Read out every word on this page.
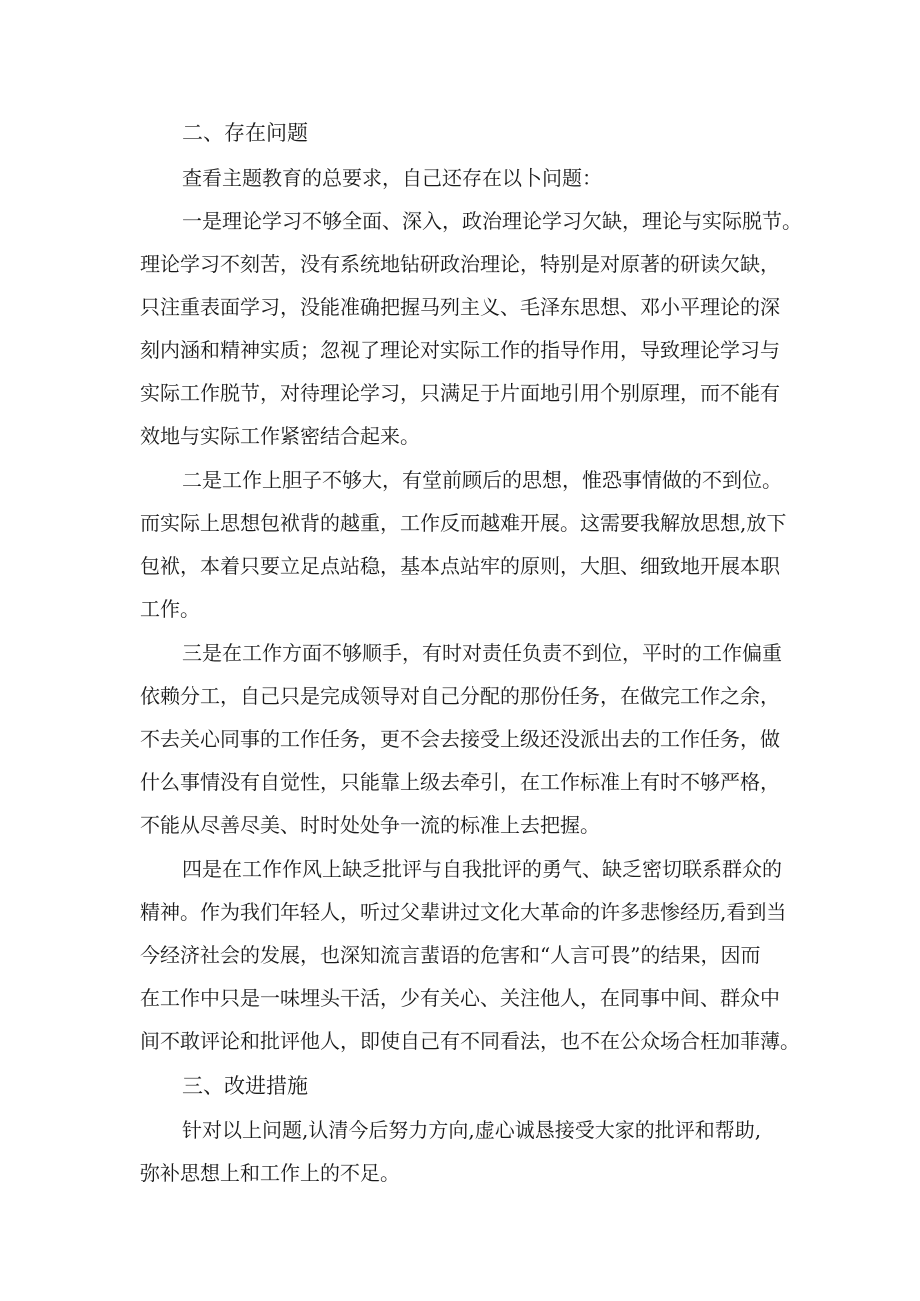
二、存在问题

查看主题教育的总要求，自己还存在以卜问题：

一是理论学习不够全面、深入，政治理论学习欠缺，理论与实际脱节。

理论学习不刻苦，没有系统地钻研政治理论，特别是对原著的研读欠缺，

只注重表面学习，没能准确把握马列主义、毛泽东思想、邓小平理论的深

刻内涵和精神实质；忽视了理论对实际工作的指导作用，导致理论学习与

实际工作脱节，对待理论学习，只满足于片面地引用个别原理，而不能有

效地与实际工作紧密结合起来。

二是工作上胆子不够大，有堂前顾后的思想，惟恐事情做的不到位。

而实际上思想包袱背的越重，工作反而越难开展。这需要我解放思想,放下

包袱，本着只要立足点站稳，基本点站牢的原则，大胆、细致地开展本职

工作。

三是在工作方面不够顺手，有时对责任负责不到位，平时的工作偏重

依赖分工，自己只是完成领导对自己分配的那份任务，在做完工作之余，

不去关心同事的工作任务，更不会去接受上级还没派出去的工作任务，做

什么事情没有自觉性，只能靠上级去牵引，在工作标准上有时不够严格，

不能从尽善尽美、时时处处争一流的标准上去把握。

四是在工作作风上缺乏批评与自我批评的勇气、缺乏密切联系群众的

精神。作为我们年轻人，听过父辈讲过文化大革命的许多悲惨经历,看到当

今经济社会的发展，也深知流言蜚语的危害和“人言可畏”的结果，因而

在工作中只是一味埋头干活，少有关心、关注他人，在同事中间、群众中

间不敢评论和批评他人，即使自己有不同看法，也不在公众场合枉加菲薄。

三、改进措施

针对以上问题,认清今后努力方向,虚心诚恳接受大家的批评和帮助,

弥补思想上和工作上的不足。
